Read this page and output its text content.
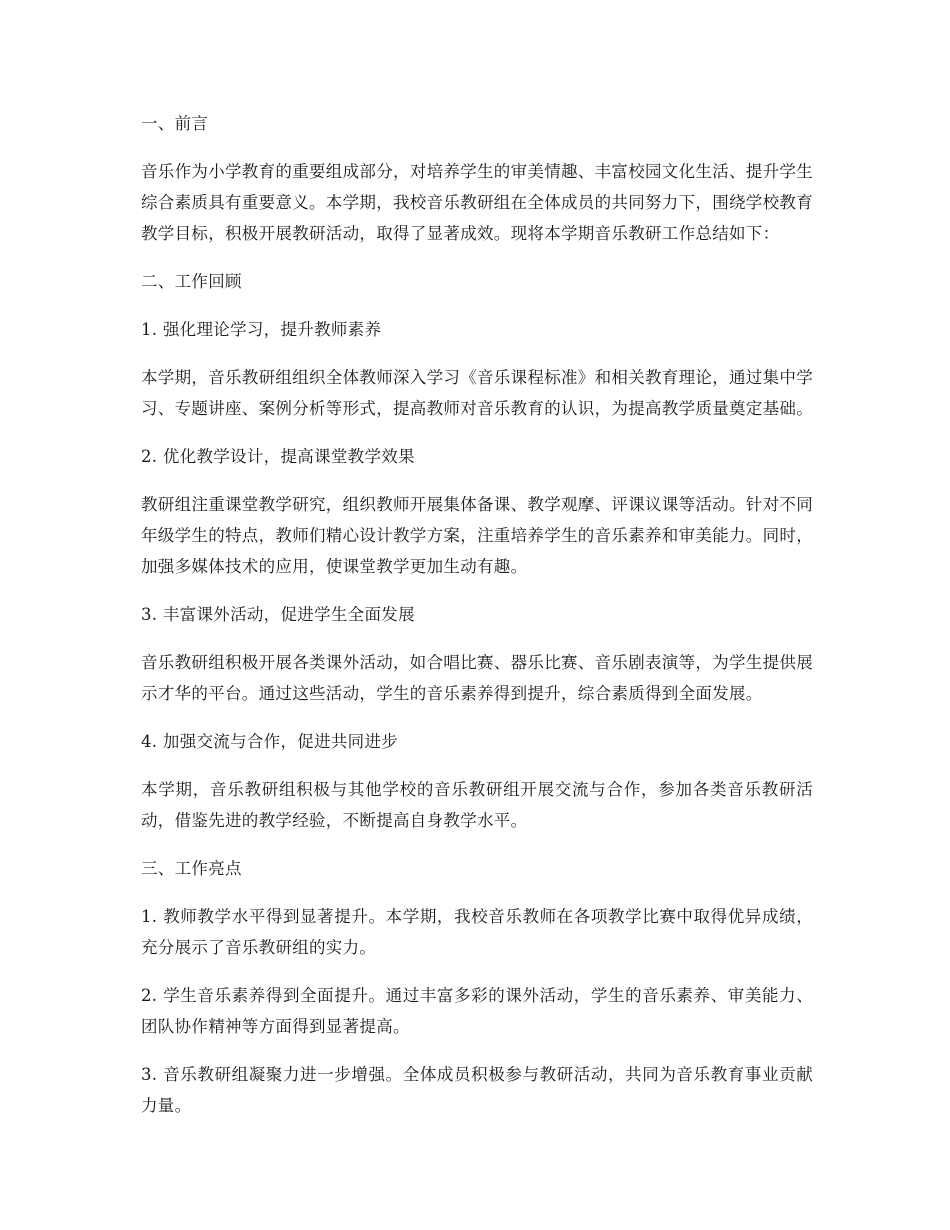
一、前言

音乐作为小学教育的重要组成部分，对培养学生的审美情趣、丰富校园文化生活、提升学生综合素质具有重要意义。本学期，我校音乐教研组在全体成员的共同努力下，围绕学校教育教学目标，积极开展教研活动，取得了显著成效。现将本学期音乐教研工作总结如下：

二、工作回顾

1. 强化理论学习，提升教师素养

本学期，音乐教研组组织全体教师深入学习《音乐课程标准》和相关教育理论，通过集中学习、专题讲座、案例分析等形式，提高教师对音乐教育的认识，为提高教学质量奠定基础。

2. 优化教学设计，提高课堂教学效果

教研组注重课堂教学研究，组织教师开展集体备课、教学观摩、评课议课等活动。针对不同年级学生的特点，教师们精心设计教学方案，注重培养学生的音乐素养和审美能力。同时，加强多媒体技术的应用，使课堂教学更加生动有趣。

3. 丰富课外活动，促进学生全面发展

音乐教研组积极开展各类课外活动，如合唱比赛、器乐比赛、音乐剧表演等，为学生提供展示才华的平台。通过这些活动，学生的音乐素养得到提升，综合素质得到全面发展。

4. 加强交流与合作，促进共同进步

本学期，音乐教研组积极与其他学校的音乐教研组开展交流与合作，参加各类音乐教研活动，借鉴先进的教学经验，不断提高自身教学水平。

三、工作亮点

1. 教师教学水平得到显著提升。本学期，我校音乐教师在各项教学比赛中取得优异成绩，充分展示了音乐教研组的实力。

2. 学生音乐素养得到全面提升。通过丰富多彩的课外活动，学生的音乐素养、审美能力、团队协作精神等方面得到显著提高。

3. 音乐教研组凝聚力进一步增强。全体成员积极参与教研活动，共同为音乐教育事业贡献力量。
